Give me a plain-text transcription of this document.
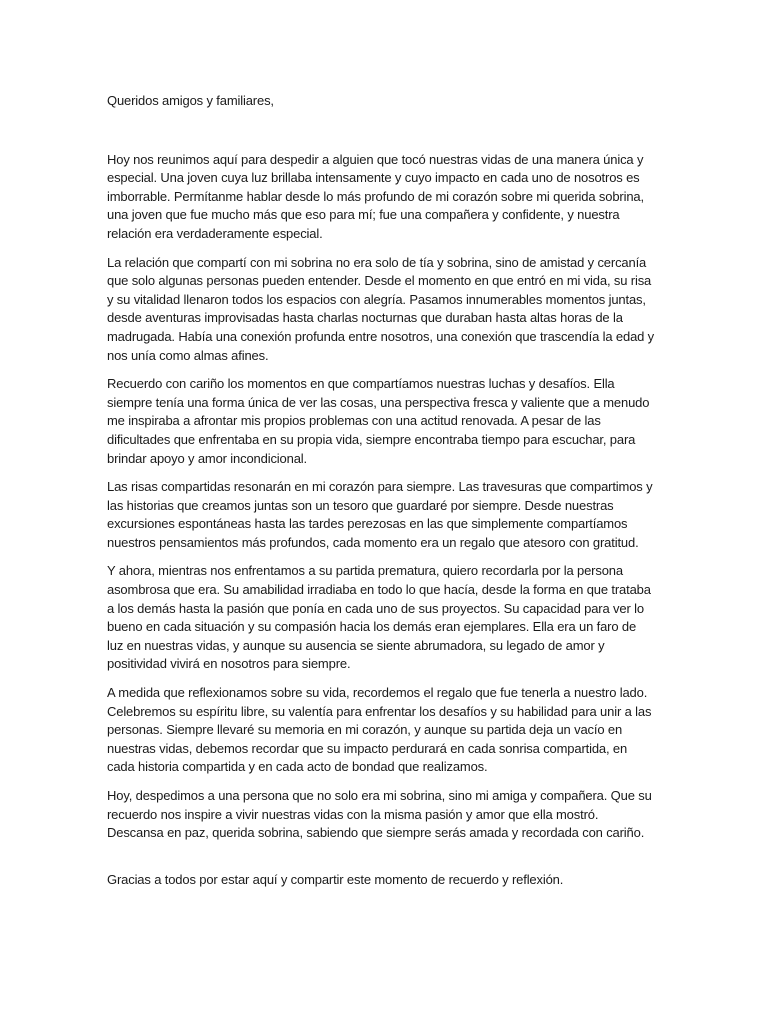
Queridos amigos y familiares,

Hoy nos reunimos aquí para despedir a alguien que tocó nuestras vidas de una manera única y especial. Una joven cuya luz brillaba intensamente y cuyo impacto en cada uno de nosotros es imborrable. Permítanme hablar desde lo más profundo de mi corazón sobre mi querida sobrina, una joven que fue mucho más que eso para mí; fue una compañera y confidente, y nuestra relación era verdaderamente especial.

La relación que compartí con mi sobrina no era solo de tía y sobrina, sino de amistad y cercanía que solo algunas personas pueden entender. Desde el momento en que entró en mi vida, su risa y su vitalidad llenaron todos los espacios con alegría. Pasamos innumerables momentos juntas, desde aventuras improvisadas hasta charlas nocturnas que duraban hasta altas horas de la madrugada. Había una conexión profunda entre nosotros, una conexión que trascendía la edad y nos unía como almas afines.

Recuerdo con cariño los momentos en que compartíamos nuestras luchas y desafíos. Ella siempre tenía una forma única de ver las cosas, una perspectiva fresca y valiente que a menudo me inspiraba a afrontar mis propios problemas con una actitud renovada. A pesar de las dificultades que enfrentaba en su propia vida, siempre encontraba tiempo para escuchar, para brindar apoyo y amor incondicional.

Las risas compartidas resonarán en mi corazón para siempre. Las travesuras que compartimos y las historias que creamos juntas son un tesoro que guardaré por siempre. Desde nuestras excursiones espontáneas hasta las tardes perezosas en las que simplemente compartíamos nuestros pensamientos más profundos, cada momento era un regalo que atesoro con gratitud.

Y ahora, mientras nos enfrentamos a su partida prematura, quiero recordarla por la persona asombrosa que era. Su amabilidad irradiaba en todo lo que hacía, desde la forma en que trataba a los demás hasta la pasión que ponía en cada uno de sus proyectos. Su capacidad para ver lo bueno en cada situación y su compasión hacia los demás eran ejemplares. Ella era un faro de luz en nuestras vidas, y aunque su ausencia se siente abrumadora, su legado de amor y positividad vivirá en nosotros para siempre.

A medida que reflexionamos sobre su vida, recordemos el regalo que fue tenerla a nuestro lado. Celebremos su espíritu libre, su valentía para enfrentar los desafíos y su habilidad para unir a las personas. Siempre llevaré su memoria en mi corazón, y aunque su partida deja un vacío en nuestras vidas, debemos recordar que su impacto perdurará en cada sonrisa compartida, en cada historia compartida y en cada acto de bondad que realizamos.

Hoy, despedimos a una persona que no solo era mi sobrina, sino mi amiga y compañera. Que su recuerdo nos inspire a vivir nuestras vidas con la misma pasión y amor que ella mostró. Descansa en paz, querida sobrina, sabiendo que siempre serás amada y recordada con cariño.

Gracias a todos por estar aquí y compartir este momento de recuerdo y reflexión.
